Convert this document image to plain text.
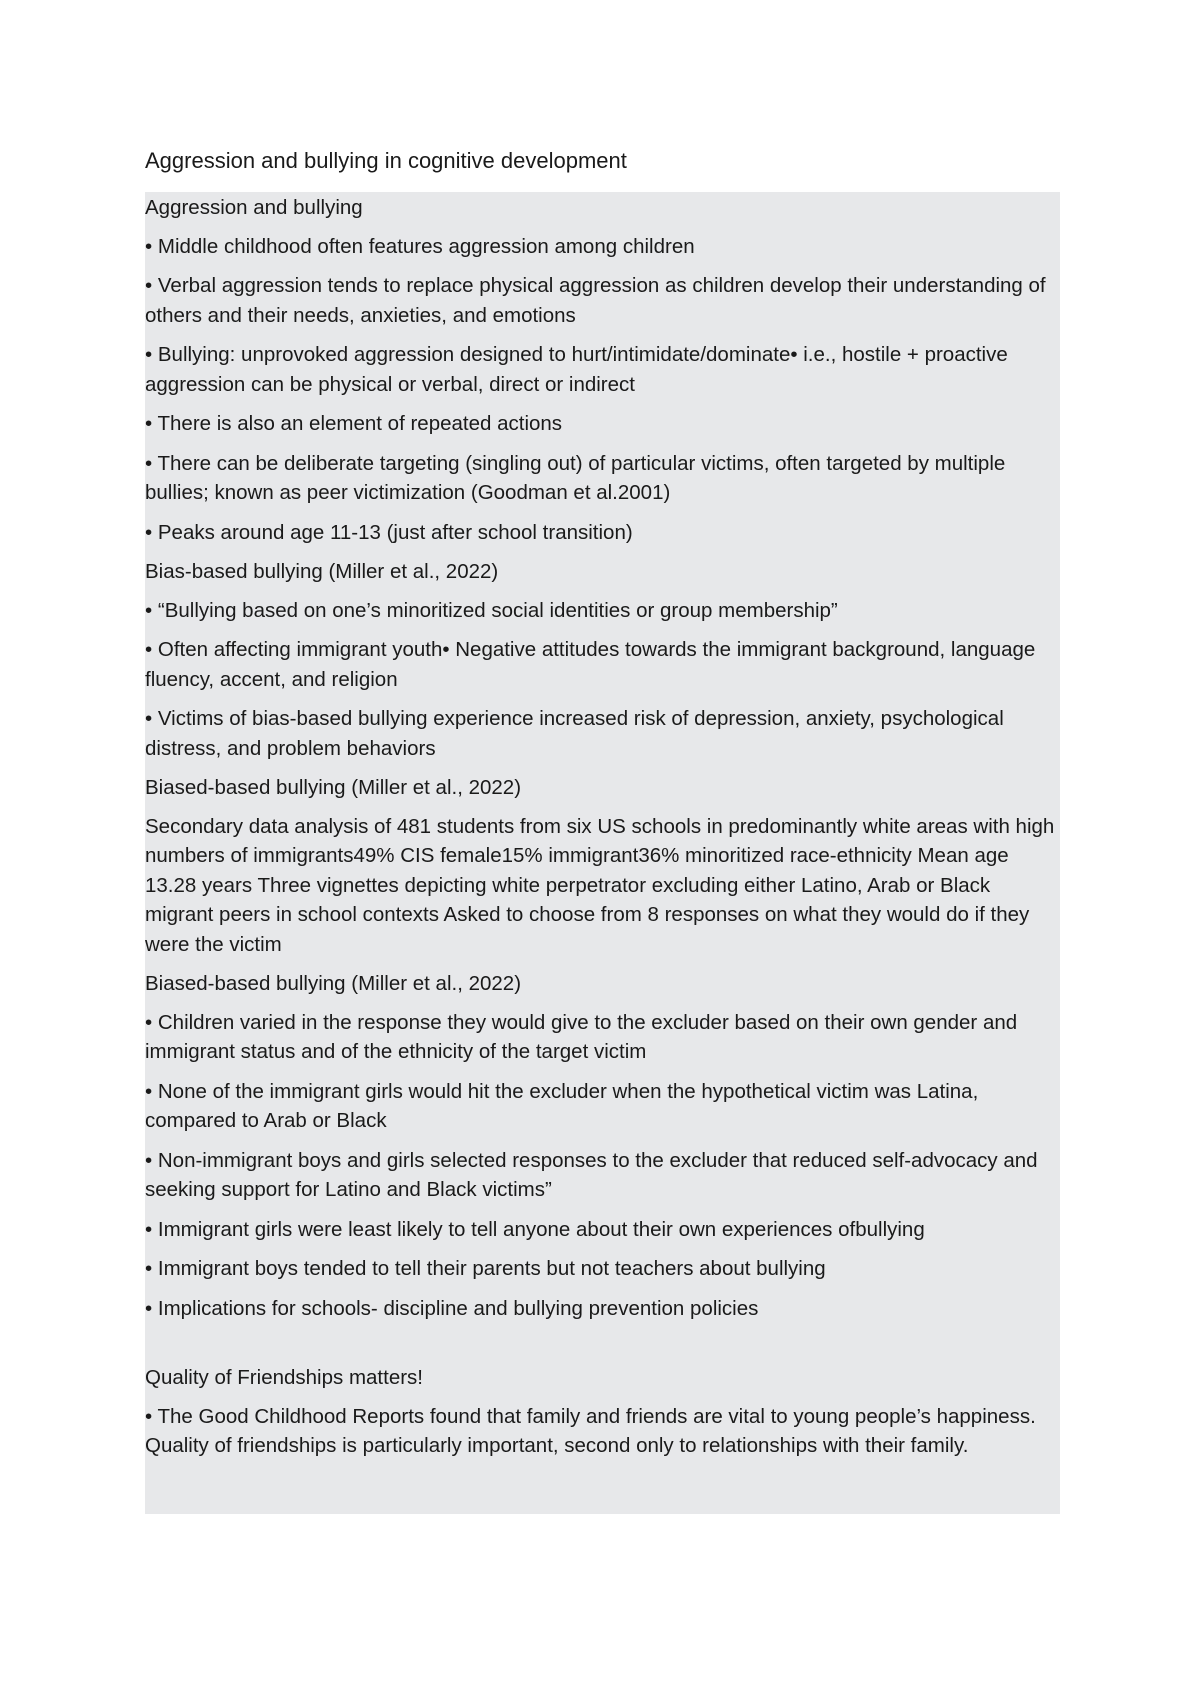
Aggression and bullying in cognitive development

Aggression and bullying

• Middle childhood often features aggression among children

• Verbal aggression tends to replace physical aggression as children develop their understanding of others and their needs, anxieties, and emotions

• Bullying: unprovoked aggression designed to hurt/intimidate/dominate• i.e., hostile + proactive aggression can be physical or verbal, direct or indirect

• There is also an element of repeated actions

• There can be deliberate targeting (singling out) of particular victims, often targeted by multiple bullies; known as peer victimization (Goodman et al.2001)

• Peaks around age 11-13 (just after school transition)

Bias-based bullying (Miller et al., 2022)

• “Bullying based on one’s minoritized social identities or group membership”

• Often affecting immigrant youth• Negative attitudes towards the immigrant background, language fluency, accent, and religion

• Victims of bias-based bullying experience increased risk of depression, anxiety, psychological distress, and problem behaviors

Biased-based bullying (Miller et al., 2022)

Secondary data analysis of 481 students from six US schools in predominantly white areas with high numbers of immigrants49% CIS female15% immigrant36% minoritized race-ethnicity Mean age 13.28 years Three vignettes depicting white perpetrator excluding either Latino, Arab or Black migrant peers in school contexts Asked to choose from 8 responses on what they would do if they were the victim

Biased-based bullying (Miller et al., 2022)

• Children varied in the response they would give to the excluder based on their own gender and immigrant status and of the ethnicity of the target victim

• None of the immigrant girls would hit the excluder when the hypothetical victim was Latina, compared to Arab or Black

• Non-immigrant boys and girls selected responses to the excluder that reduced self-advocacy and seeking support for Latino and Black victims”

• Immigrant girls were least likely to tell anyone about their own experiences ofbullying

• Immigrant boys tended to tell their parents but not teachers about bullying

• Implications for schools- discipline and bullying prevention policies

Quality of Friendships matters!

• The Good Childhood Reports found that family and friends are vital to young people’s happiness. Quality of friendships is particularly important, second only to relationships with their family.
